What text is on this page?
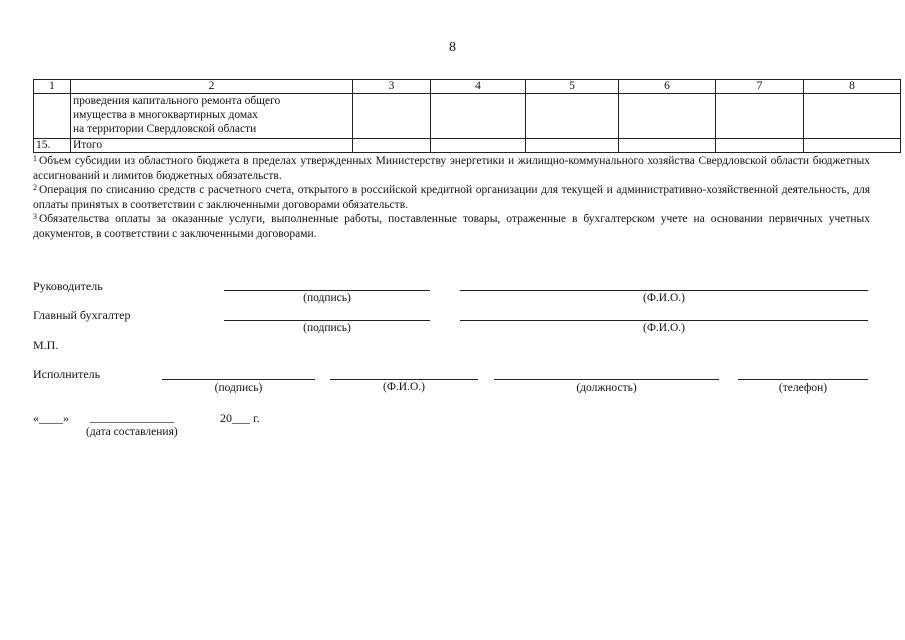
8
1	2	3	4	5	6	7	8

	проведения капитального ремонта общего
имущества в многоквартирных домах
на территории Свердловской области						

15.	Итого						

$^1$ Объем субсидии из областного бюджета в пределах утвержденных Министерству энергетики и жилищно-коммунального хозяйства Свердловской области бюджетных ассигнований и лимитов бюджетных обязательств.

$^2$ Операция по списанию средств с расчетного счета, открытого в российской кредитной организации для текущей и административно-хозяйственной деятельность, для оплаты принятых в соответствии с заключенными договорами обязательств.

$^3$ Обязательства оплаты за оказанные услуги, выполненные работы, поставленные товары, отраженные в бухгалтерском учете на основании первичных учетных документов, в соответствии с заключенными договорами.

Руководитель
(подпись)	(Ф.И.О.)
Главный бухгалтер
(подпись)	(Ф.И.О.)
М.П.
Исполнитель
(подпись)	(Ф.И.О.)	(должность)	(телефон)
«____» ______________	20___ г.
(дата составления)
